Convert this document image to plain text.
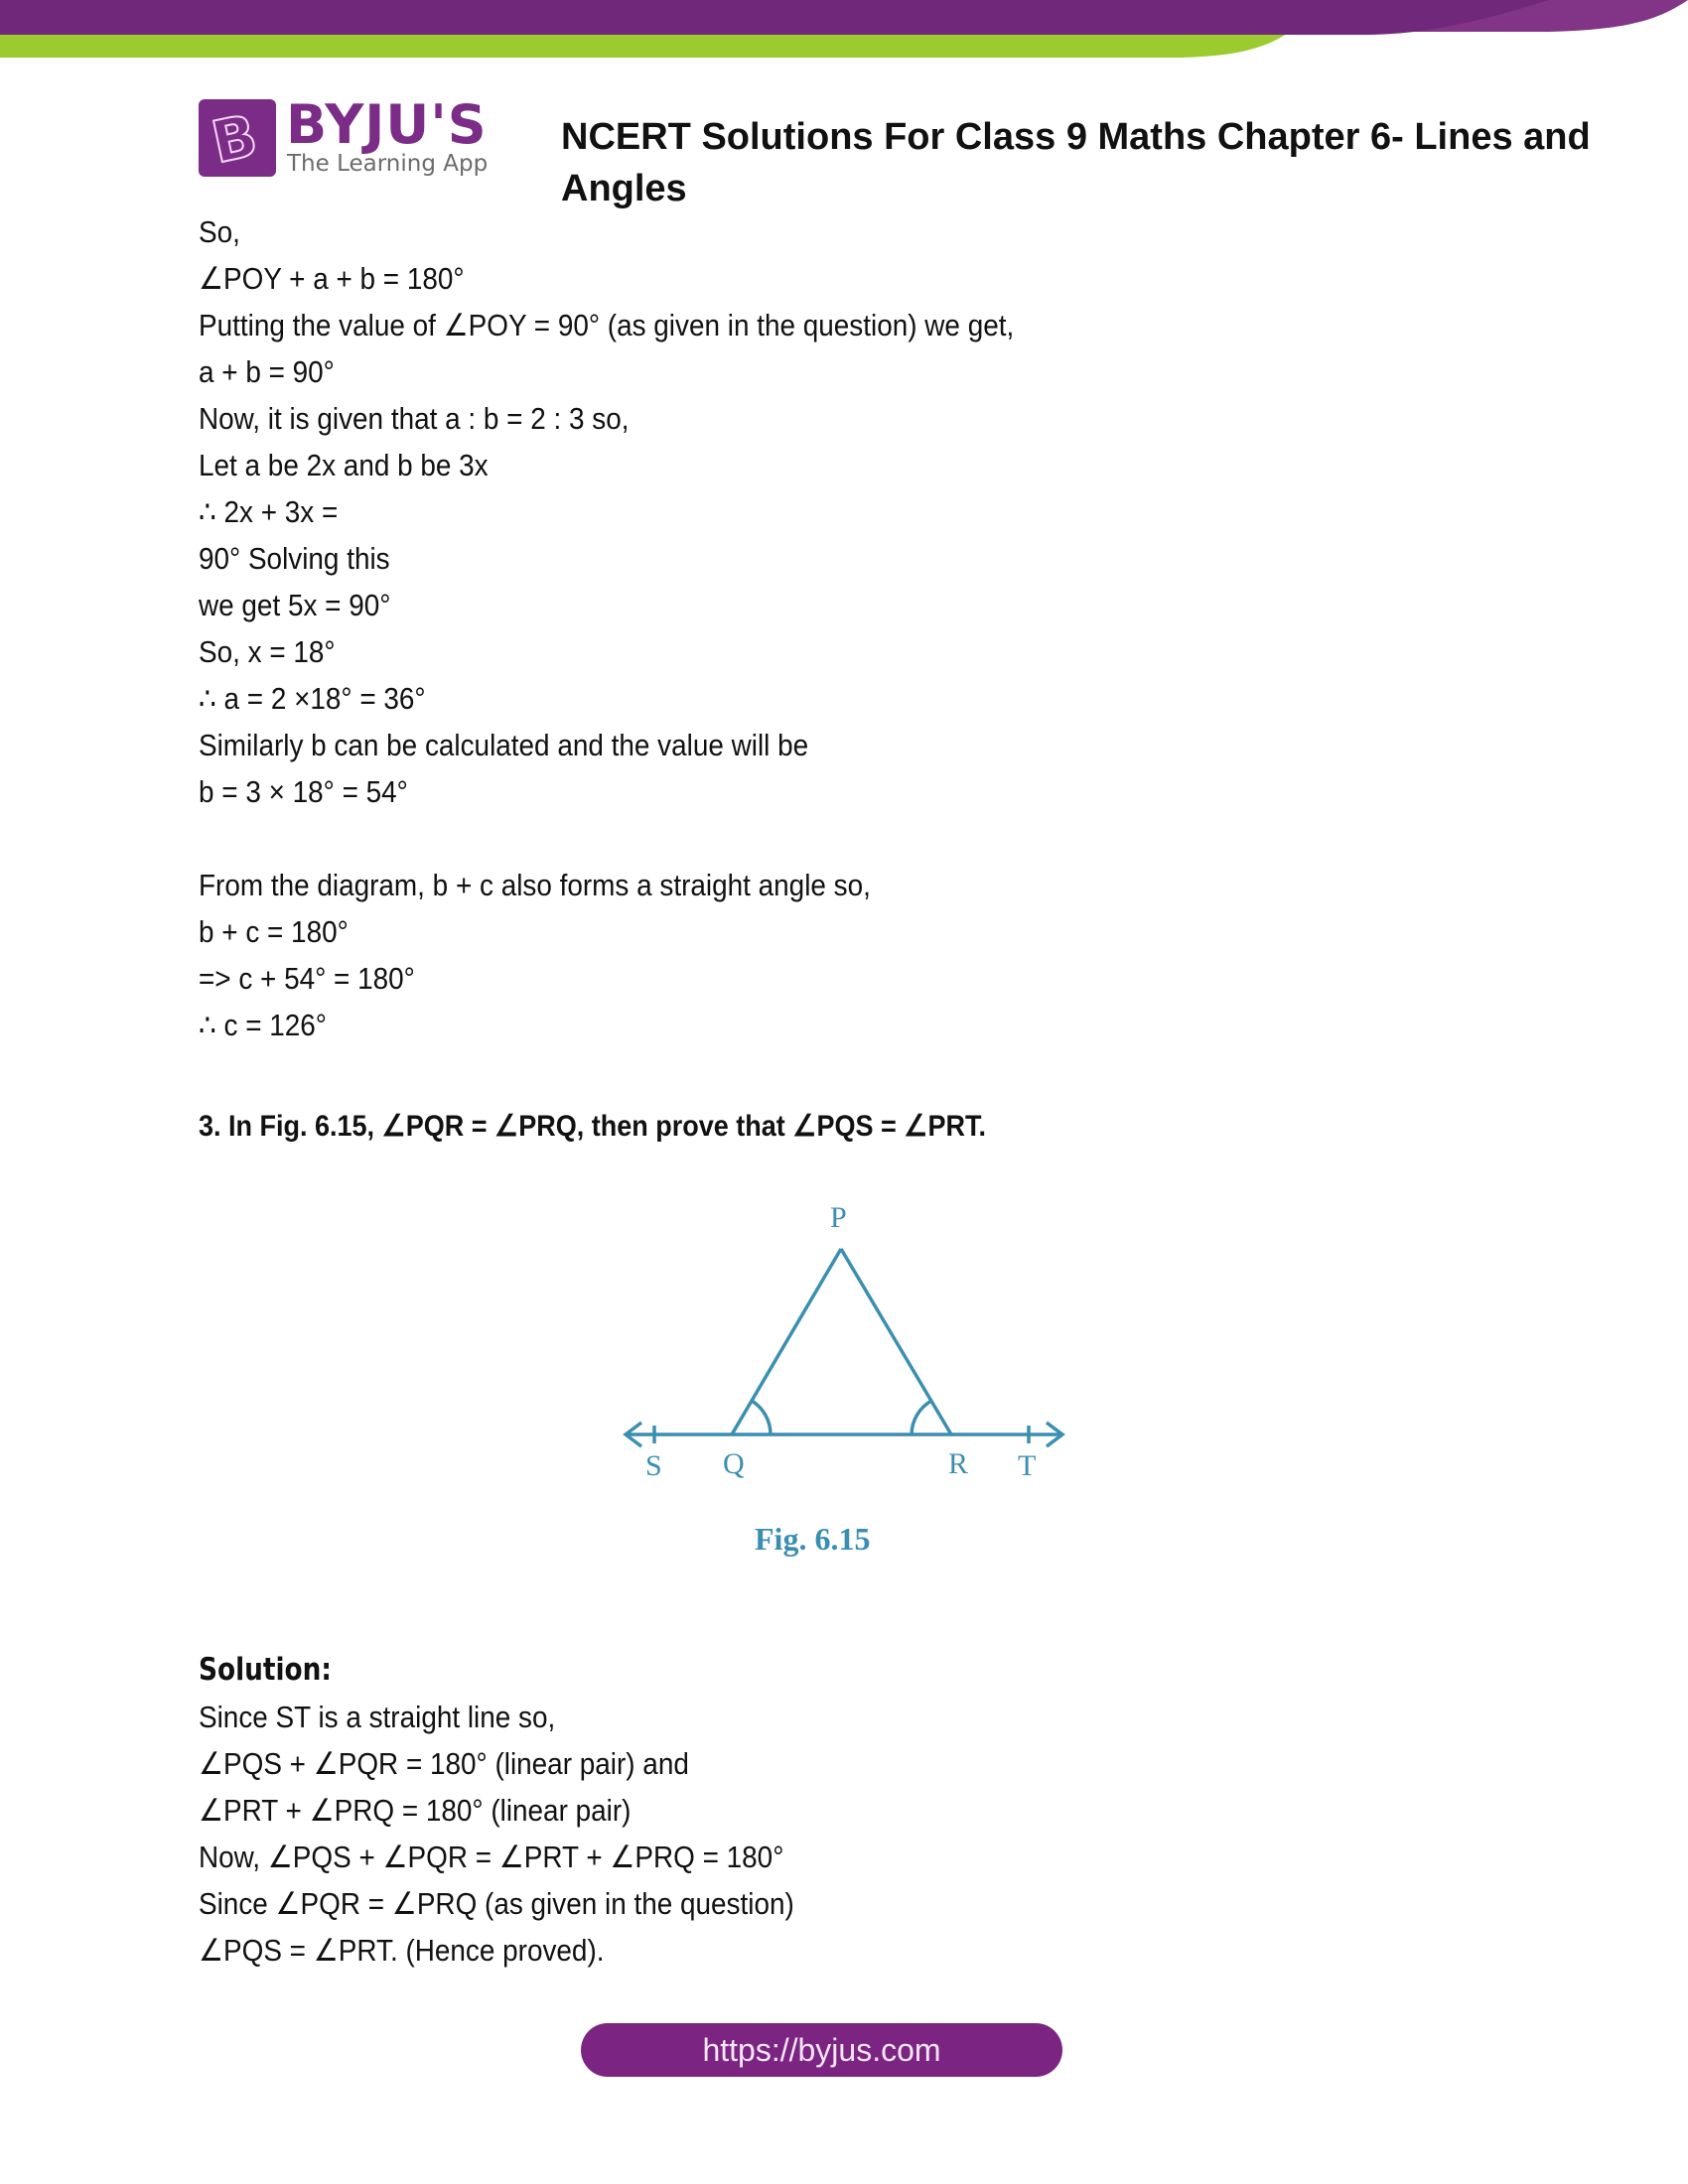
B BYJU'S
The Learning App
NCERT Solutions For Class 9 Maths Chapter 6- Lines and Angles
So,
∠POY + a + b = 180°
Putting the value of ∠POY = 90° (as given in the question) we get,
a + b = 90°
Now, it is given that a : b = 2 : 3 so,
Let a be 2x and b be 3x
∴ 2x + 3x =
90° Solving this
we get 5x = 90°
So, x = 18°
∴ a = 2 ×18° = 36°
Similarly b can be calculated and the value will be
b = 3 × 18° = 54°
From the diagram, b + c also forms a straight angle so,
b + c = 180°
=> c + 54° = 180°
∴ c = 126°
3. In Fig. 6.15, ∠PQR = ∠PRQ, then prove that ∠PQS = ∠PRT.
P
S Q	R T
Fig. 6.15
Solution:
Since ST is a straight line so,
∠PQS + ∠PQR = 180° (linear pair) and
∠PRT + ∠PRQ = 180° (linear pair)
Now, ∠PQS + ∠PQR = ∠PRT + ∠PRQ = 180°
Since ∠PQR = ∠PRQ (as given in the question)
∠PQS = ∠PRT. (Hence proved).
https://byjus.com
